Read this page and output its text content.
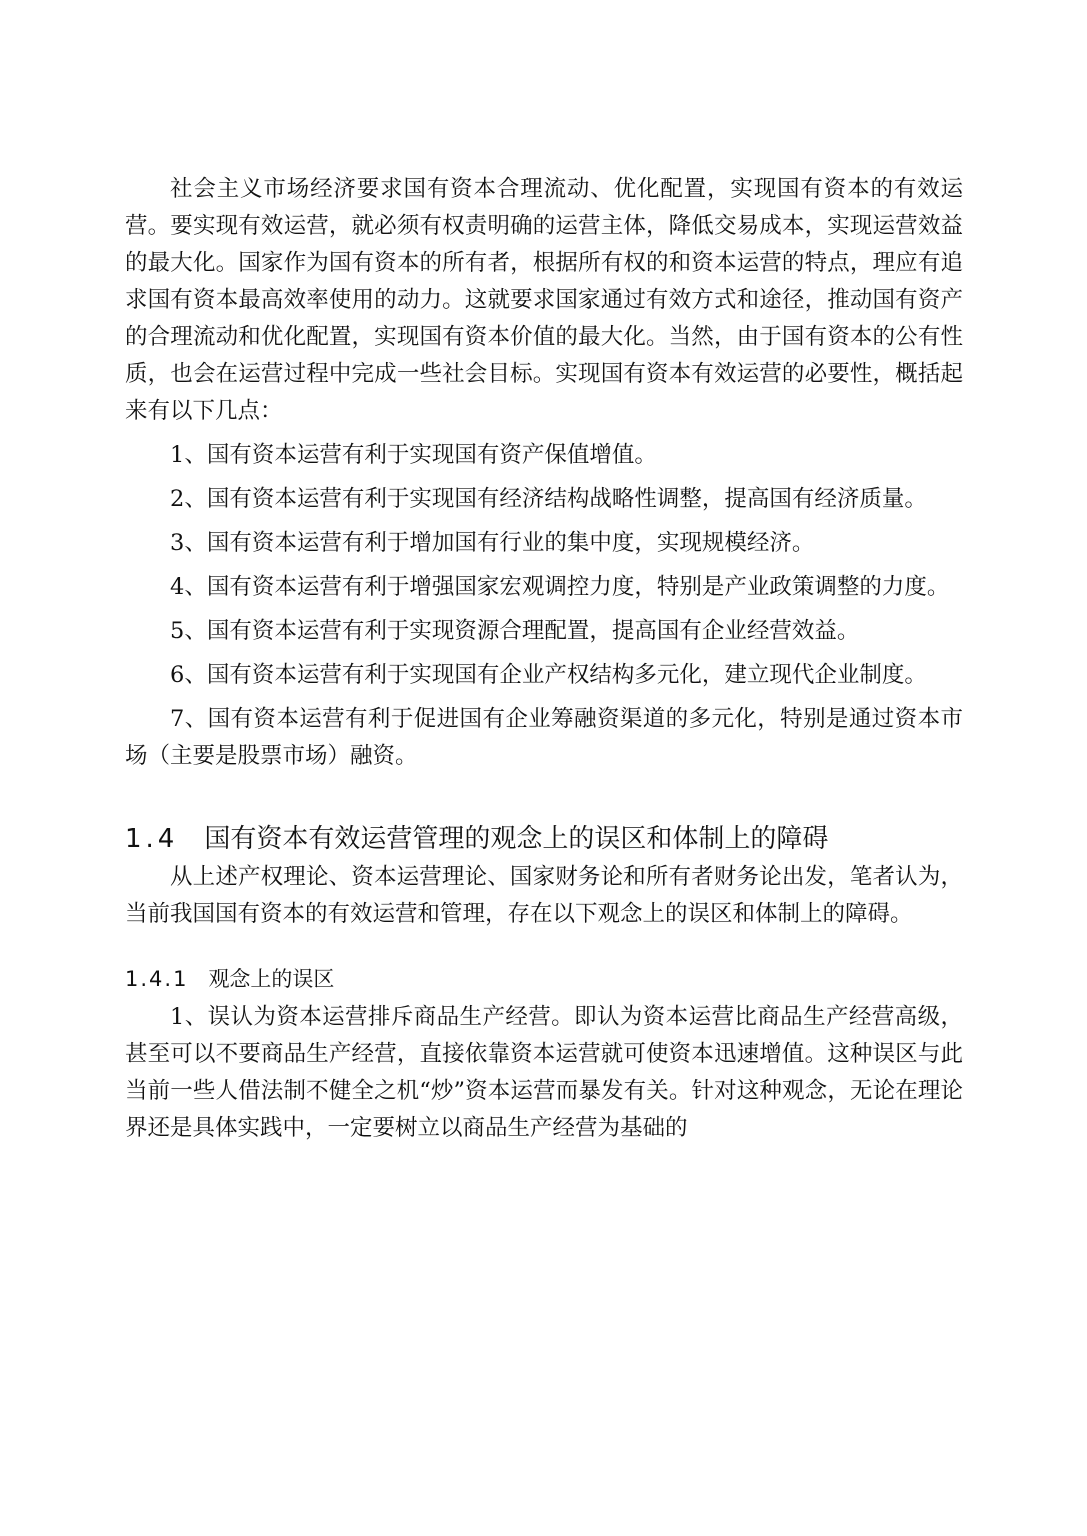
社会主义市场经济要求国有资本合理流动、优化配置，实现国有资本的有效运营。要实现有效运营，就必须有权责明确的运营主体，降低交易成本，实现运营效益的最大化。国家作为国有资本的所有者，根据所有权的和资本运营的特点，理应有追求国有资本最高效率使用的动力。这就要求国家通过有效方式和途径，推动国有资产的合理流动和优化配置，实现国有资本价值的最大化。当然，由于国有资本的公有性质，也会在运营过程中完成一些社会目标。实现国有资本有效运营的必要性，概括起来有以下几点：

1、国有资本运营有利于实现国有资产保值增值。

2、国有资本运营有利于实现国有经济结构战略性调整，提高国有经济质量。

3、国有资本运营有利于增加国有行业的集中度，实现规模经济。

4、国有资本运营有利于增强国家宏观调控力度，特别是产业政策调整的力度。

5、国有资本运营有利于实现资源合理配置，提高国有企业经营效益。

6、国有资本运营有利于实现国有企业产权结构多元化，建立现代企业制度。

7、国有资本运营有利于促进国有企业筹融资渠道的多元化，特别是通过资本市场（主要是股票市场）融资。

1.4 国有资本有效运营管理的观念上的误区和体制上的障碍

从上述产权理论、资本运营理论、国家财务论和所有者财务论出发，笔者认为，当前我国国有资本的有效运营和管理，存在以下观念上的误区和体制上的障碍。

1.4.1 观念上的误区

1、误认为资本运营排斥商品生产经营。即认为资本运营比商品生产经营高级，甚至可以不要商品生产经营，直接依靠资本运营就可使资本迅速增值。这种误区与此当前一些人借法制不健全之机“炒”资本运营而暴发有关。针对这种观念，无论在理论界还是具体实践中，一定要树立以商品生产经营为基础的
